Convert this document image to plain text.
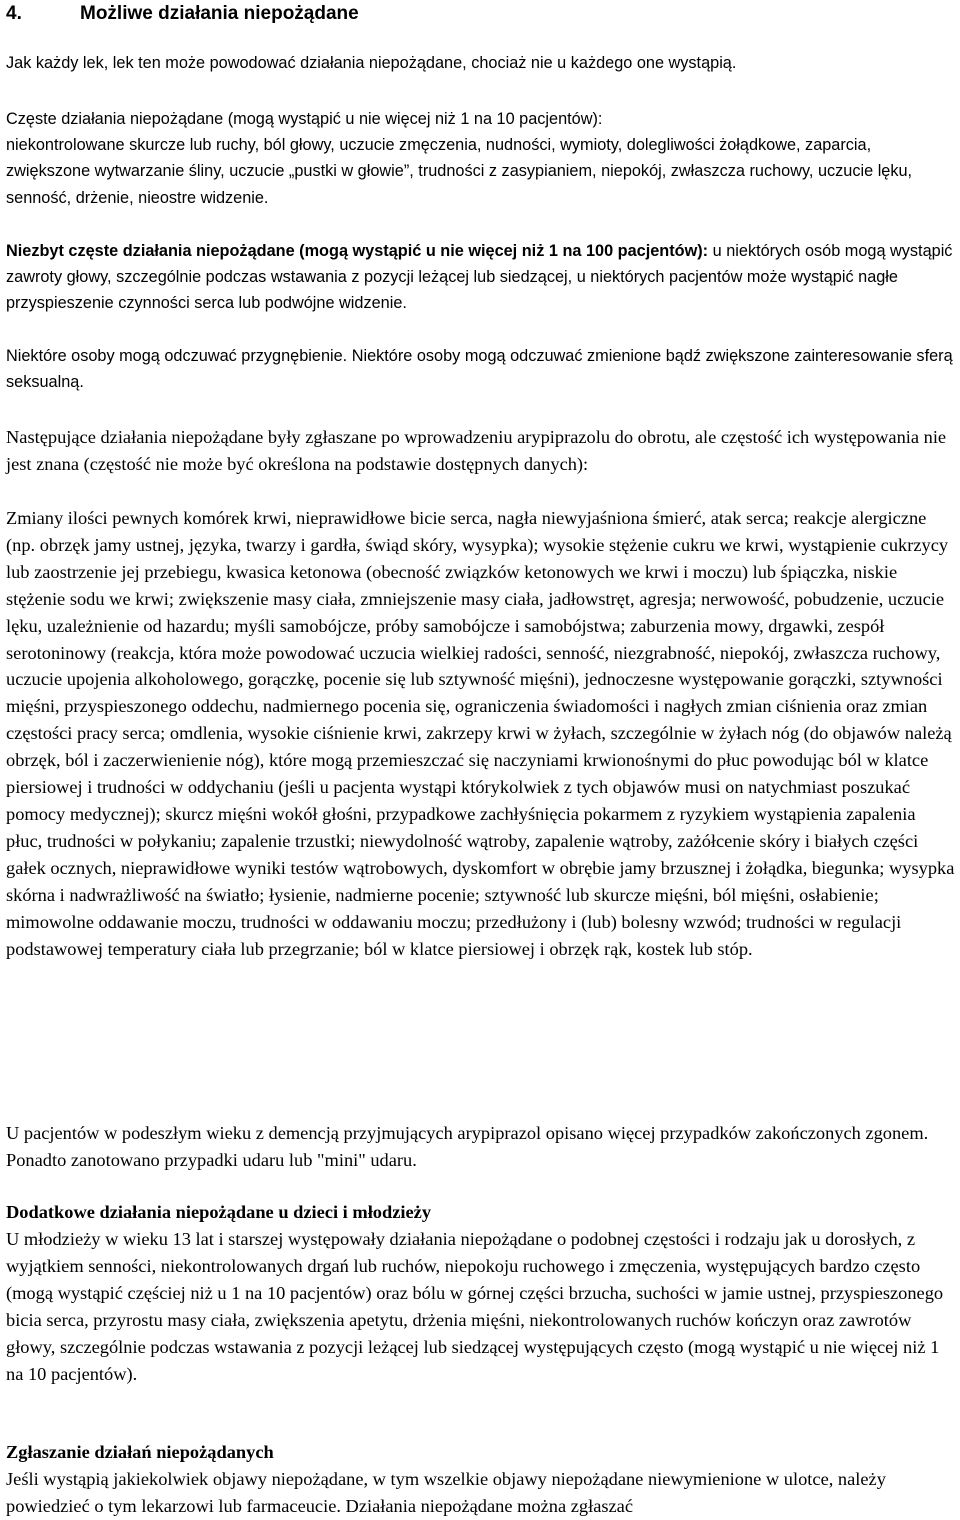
4.	Możliwe działania niepożądane

Jak każdy lek, lek ten może powodować działania niepożądane, chociaż nie u każdego one wystąpią.

Częste działania niepożądane (mogą wystąpić u nie więcej niż 1 na 10 pacjentów):
niekontrolowane skurcze lub ruchy, ból głowy, uczucie zmęczenia, nudności, wymioty, dolegliwości żołądkowe, zaparcia, zwiększone wytwarzanie śliny, uczucie „pustki w głowie”, trudności z zasypianiem, niepokój, zwłaszcza ruchowy, uczucie lęku, senność, drżenie, nieostre widzenie.

Niezbyt częste działania niepożądane (mogą wystąpić u nie więcej niż 1 na 100 pacjentów): u niektórych osób mogą wystąpić zawroty głowy, szczególnie podczas wstawania z pozycji leżącej lub siedzącej, u niektórych pacjentów może wystąpić nagłe przyspieszenie czynności serca lub podwójne widzenie.

Niektóre osoby mogą odczuwać przygnębienie. Niektóre osoby mogą odczuwać zmienione bądź zwiększone zainteresowanie sferą seksualną.

Następujące działania niepożądane były zgłaszane po wprowadzeniu arypiprazolu do obrotu, ale częstość ich występowania nie jest znana (częstość nie może być określona na podstawie dostępnych danych):

Zmiany ilości pewnych komórek krwi, nieprawidłowe bicie serca, nagła niewyjaśniona śmierć, atak serca; reakcje alergiczne (np. obrzęk jamy ustnej, języka, twarzy i gardła, świąd skóry, wysypka); wysokie stężenie cukru we krwi, wystąpienie cukrzycy lub zaostrzenie jej przebiegu, kwasica ketonowa (obecność związków ketonowych we krwi i moczu) lub śpiączka, niskie stężenie sodu we krwi; zwiększenie masy ciała, zmniejszenie masy ciała, jadłowstręt, agresja; nerwowość, pobudzenie, uczucie lęku, uzależnienie od hazardu; myśli samobójcze, próby samobójcze i samobójstwa; zaburzenia mowy, drgawki, zespół serotoninowy (reakcja, która może powodować uczucia wielkiej radości, senność, niezgrabność, niepokój, zwłaszcza ruchowy, uczucie upojenia alkoholowego, gorączkę, pocenie się lub sztywność mięśni), jednoczesne występowanie gorączki, sztywności mięśni, przyspieszonego oddechu, nadmiernego pocenia się, ograniczenia świadomości i nagłych zmian ciśnienia oraz zmian częstości pracy serca; omdlenia, wysokie ciśnienie krwi, zakrzepy krwi w żyłach, szczególnie w żyłach nóg (do objawów należą obrzęk, ból i zaczerwienienie nóg), które mogą przemieszczać się naczyniami krwionośnymi do płuc powodując ból w klatce piersiowej i trudności w oddychaniu (jeśli u pacjenta wystąpi którykolwiek z tych objawów musi on natychmiast poszukać pomocy medycznej); skurcz mięśni wokół głośni, przypadkowe zachłyśnięcia pokarmem z ryzykiem wystąpienia zapalenia płuc, trudności w połykaniu; zapalenie trzustki; niewydolność wątroby, zapalenie wątroby, zażółcenie skóry i białych części gałek ocznych, nieprawidłowe wyniki testów wątrobowych, dyskomfort w obrębie jamy brzusznej i żołądka, biegunka; wysypka skórna i nadwrażliwość na światło; łysienie, nadmierne pocenie; sztywność lub skurcze mięśni, ból mięśni, osłabienie; mimowolne oddawanie moczu, trudności w oddawaniu moczu; przedłużony i (lub) bolesny wzwód; trudności w regulacji podstawowej temperatury ciała lub przegrzanie; ból w klatce piersiowej i obrzęk rąk, kostek lub stóp.

U pacjentów w podeszłym wieku z demencją przyjmujących arypiprazol opisano więcej przypadków zakończonych zgonem. Ponadto zanotowano przypadki udaru lub "mini" udaru.

Dodatkowe działania niepożądane u dzieci i młodzieży

U młodzieży w wieku 13 lat i starszej występowały działania niepożądane o podobnej częstości i rodzaju jak u dorosłych, z wyjątkiem senności, niekontrolowanych drgań lub ruchów, niepokoju ruchowego i zmęczenia, występujących bardzo często (mogą wystąpić częściej niż u 1 na 10 pacjentów) oraz bólu w górnej części brzucha, suchości w jamie ustnej, przyspieszonego bicia serca, przyrostu masy ciała, zwiększenia apetytu, drżenia mięśni, niekontrolowanych ruchów kończyn oraz zawrotów głowy, szczególnie podczas wstawania z pozycji leżącej lub siedzącej występujących często (mogą wystąpić u nie więcej niż 1 na 10 pacjentów).

Zgłaszanie działań niepożądanych

Jeśli wystąpią jakiekolwiek objawy niepożądane, w tym wszelkie objawy niepożądane niewymienione w ulotce, należy powiedzieć o tym lekarzowi lub farmaceucie. Działania niepożądane można zgłaszać
